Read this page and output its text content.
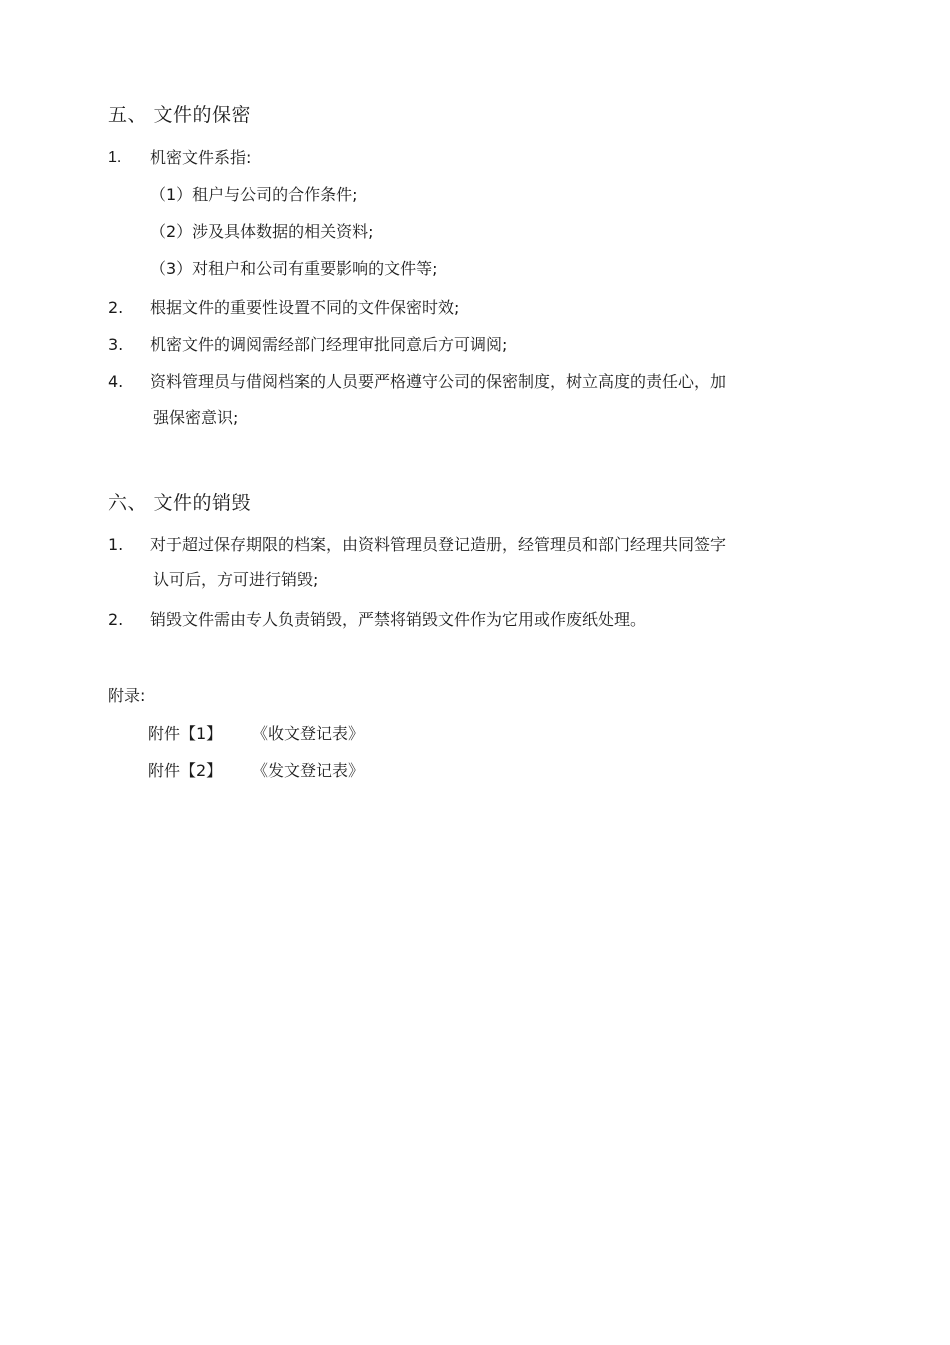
五、 文件的保密
1. 机密文件系指:
（1）租户与公司的合作条件;
（2）涉及具体数据的相关资料;
（3）对租户和公司有重要影响的文件等;
2. 根据文件的重要性设置不同的文件保密时效;
3. 机密文件的调阅需经部门经理审批同意后方可调阅;
4. 资料管理员与借阅档案的人员要严格遵守公司的保密制度，树立高度的责任心，加
强保密意识;
六、 文件的销毁
1. 对于超过保存期限的档案，由资料管理员登记造册，经管理员和部门经理共同签字
认可后，方可进行销毁;
2. 销毁文件需由专人负责销毁，严禁将销毁文件作为它用或作废纸处理。
附录:
附件【1】 《收文登记表》
附件【2】 《发文登记表》
